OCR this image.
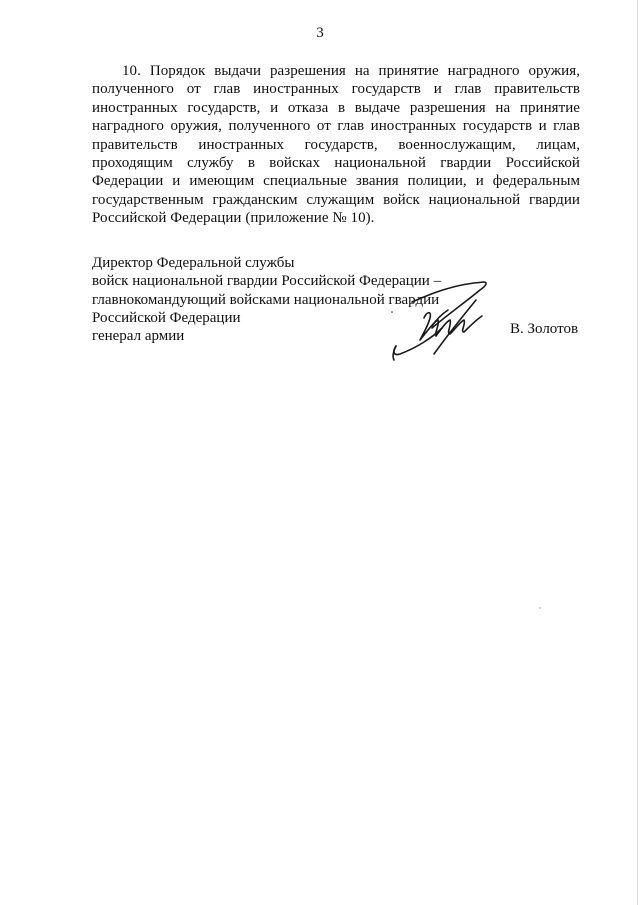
3

10. Порядок выдачи разрешения на принятие наградного оружия, полученного от глав иностранных государств и глав правительств иностранных государств, и отказа в выдаче разрешения на принятие наградного оружия, полученного от глав иностранных государств и глав правительств иностранных государств, военнослужащим, лицам, проходящим службу в войсках национальной гвардии Российской Федерации и имеющим специальные звания полиции, и федеральным государственным гражданским служащим войск национальной гвардии Российской Федерации (приложение № 10).

Директор Федеральной службы
войск национальной гвардии Российской Федерации –
главнокомандующий войсками национальной гвардии
Российской Федерации
генерал армии	В. Золотов
